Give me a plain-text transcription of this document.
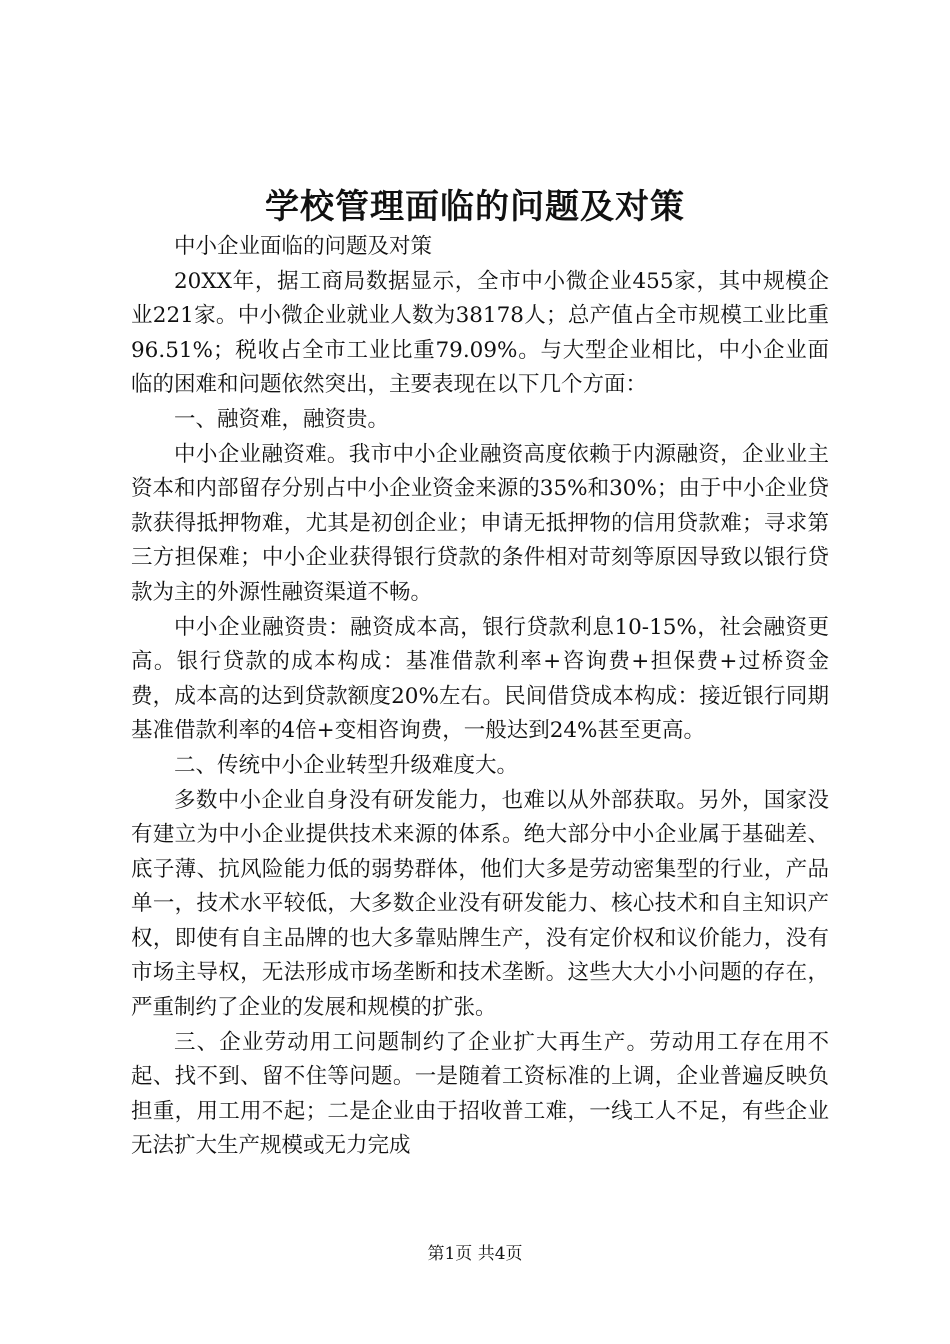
学校管理面临的问题及对策

中小企业面临的问题及对策

20XX年，据工商局数据显示，全市中小微企业455家，其中规模企业221家。中小微企业就业人数为38178人；总产值占全市规模工业比重96.51%；税收占全市工业比重79.09%。与大型企业相比，中小企业面临的困难和问题依然突出，主要表现在以下几个方面：

一、融资难，融资贵。

中小企业融资难。我市中小企业融资高度依赖于内源融资，企业业主资本和内部留存分别占中小企业资金来源的35%和30%；由于中小企业贷款获得抵押物难，尤其是初创企业；申请无抵押物的信用贷款难；寻求第三方担保难；中小企业获得银行贷款的条件相对苛刻等原因导致以银行贷款为主的外源性融资渠道不畅。

中小企业融资贵：融资成本高，银行贷款利息10-15%，社会融资更高。银行贷款的成本构成：基准借款利率+咨询费+担保费+过桥资金费，成本高的达到贷款额度20%左右。民间借贷成本构成：接近银行同期基准借款利率的4倍+变相咨询费，一般达到24%甚至更高。

二、传统中小企业转型升级难度大。

多数中小企业自身没有研发能力，也难以从外部获取。另外，国家没有建立为中小企业提供技术来源的体系。绝大部分中小企业属于基础差、底子薄、抗风险能力低的弱势群体，他们大多是劳动密集型的行业，产品单一，技术水平较低，大多数企业没有研发能力、核心技术和自主知识产权，即使有自主品牌的也大多靠贴牌生产，没有定价权和议价能力，没有市场主导权，无法形成市场垄断和技术垄断。这些大大小小问题的存在，严重制约了企业的发展和规模的扩张。

三、企业劳动用工问题制约了企业扩大再生产。劳动用工存在用不起、找不到、留不住等问题。一是随着工资标准的上调，企业普遍反映负担重，用工用不起；二是企业由于招收普工难，一线工人不足，有些企业无法扩大生产规模或无力完成

第1页 共4页
